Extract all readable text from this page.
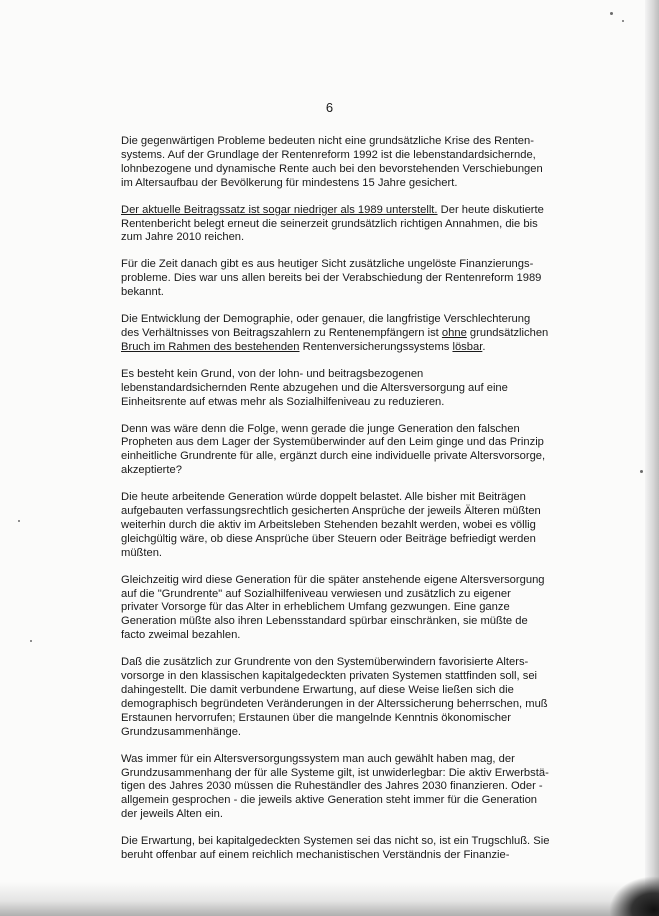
6

Die gegenwärtigen Probleme bedeuten nicht eine grundsätzliche Krise des Renten-systems. Auf der Grundlage der Rentenreform 1992 ist die lebenstandardsichernde, lohnbezogene und dynamische Rente auch bei den bevorstehenden Verschiebungen im Altersaufbau der Bevölkerung für mindestens 15 Jahre gesichert.

Der aktuelle Beitragssatz ist sogar niedriger als 1989 unterstellt. Der heute diskutierte Rentenbericht belegt erneut die seinerzeit grundsätzlich richtigen Annahmen, die bis zum Jahre 2010 reichen.

Für die Zeit danach gibt es aus heutiger Sicht zusätzliche ungelöste Finanzierungs-probleme. Dies war uns allen bereits bei der Verabschiedung der Rentenreform 1989 bekannt.

Die Entwicklung der Demographie, oder genauer, die langfristige Verschlechterung des Verhältnisses von Beitragszahlern zu Rentenempfängern ist ohne grundsätzlichen Bruch im Rahmen des bestehenden Rentenversicherungssystems lösbar.

Es besteht kein Grund, von der lohn- und beitragsbezogenen lebenstandardsichernden Rente abzugehen und die Altersversorgung auf eine Einheitsrente auf etwas mehr als Sozialhilfeniveau zu reduzieren.

Denn was wäre denn die Folge, wenn gerade die junge Generation den falschen Propheten aus dem Lager der Systemüberwinder auf den Leim ginge und das Prinzip einheitliche Grundrente für alle, ergänzt durch eine individuelle private Altersvorsorge, akzeptierte?

Die heute arbeitende Generation würde doppelt belastet. Alle bisher mit Beiträgen aufgebauten verfassungsrechtlich gesicherten Ansprüche der jeweils Älteren müßten weiterhin durch die aktiv im Arbeitsleben Stehenden bezahlt werden, wobei es völlig gleichgültig wäre, ob diese Ansprüche über Steuern oder Beiträge befriedigt werden müßten.

Gleichzeitig wird diese Generation für die später anstehende eigene Altersversorgung auf die "Grundrente" auf Sozialhilfeniveau verwiesen und zusätzlich zu eigener privater Vorsorge für das Alter in erheblichem Umfang gezwungen. Eine ganze Generation müßte also ihren Lebensstandard spürbar einschränken, sie müßte de facto zweimal bezahlen.

Daß die zusätzlich zur Grundrente von den Systemüberwindern favorisierte Alters-vorsorge in den klassischen kapitalgedeckten privaten Systemen stattfinden soll, sei dahingestellt. Die damit verbundene Erwartung, auf diese Weise ließen sich die demographisch begründeten Veränderungen in der Alterssicherung beherrschen, muß Erstaunen hervorrufen; Erstaunen über die mangelnde Kenntnis ökonomischer Grundzusammenhänge.

Was immer für ein Altersversorgungssystem man auch gewählt haben mag, der Grundzusammenhang der für alle Systeme gilt, ist unwiderlegbar: Die aktiv Erwerbstä-tigen des Jahres 2030 müssen die Ruheständler des Jahres 2030 finanzieren. Oder - allgemein gesprochen - die jeweils aktive Generation steht immer für die Generation der jeweils Alten ein.

Die Erwartung, bei kapitalgedeckten Systemen sei das nicht so, ist ein Trugschluß. Sie beruht offenbar auf einem reichlich mechanistischen Verständnis der Finanzie-
